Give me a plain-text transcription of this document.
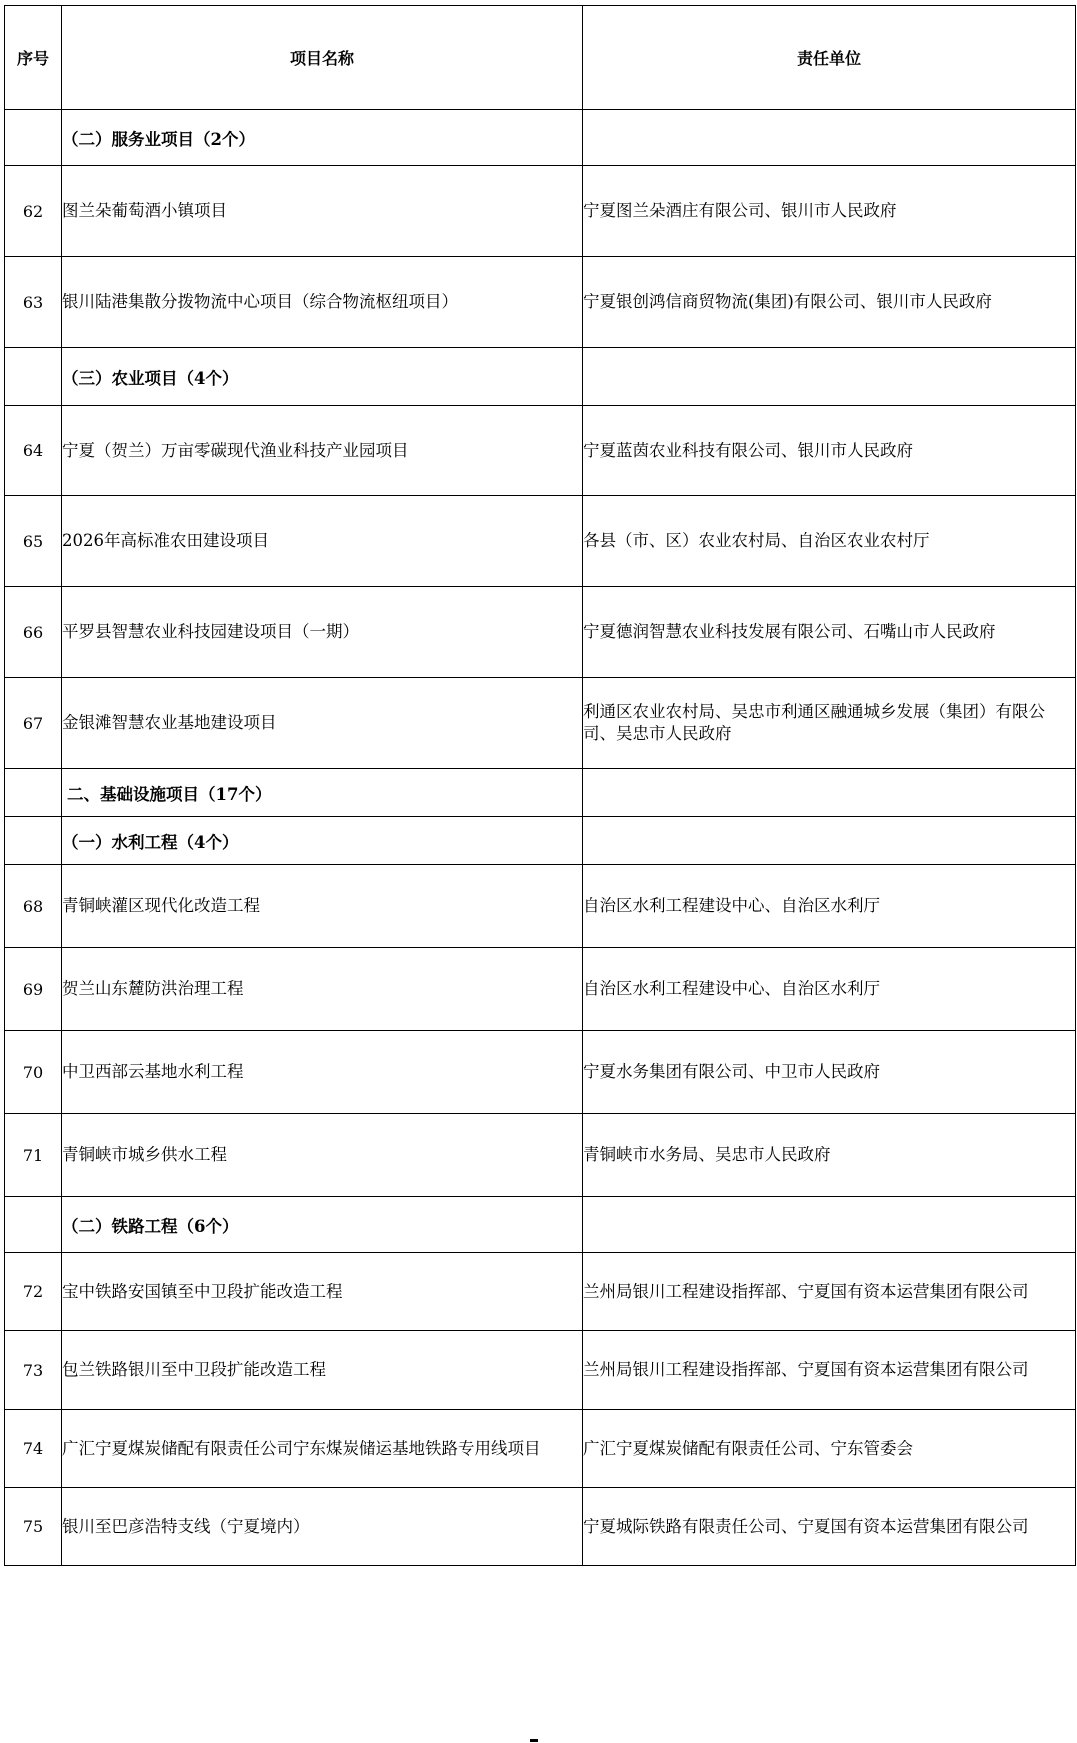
序号	项目名称	责任单位
	（二）服务业项目（2个）	
62	图兰朵葡萄酒小镇项目	宁夏图兰朵酒庄有限公司、银川市人民政府
63	银川陆港集散分拨物流中心项目（综合物流枢纽项目）	宁夏银创鸿信商贸物流(集团)有限公司、银川市人民政府
	（三）农业项目（4个）	
64	宁夏（贺兰）万亩零碳现代渔业科技产业园项目	宁夏蓝茵农业科技有限公司、银川市人民政府
65	2026年高标准农田建设项目	各县（市、区）农业农村局、自治区农业农村厅
66	平罗县智慧农业科技园建设项目（一期）	宁夏德润智慧农业科技发展有限公司、石嘴山市人民政府
67	金银滩智慧农业基地建设项目	利通区农业农村局、吴忠市利通区融通城乡发展（集团）有限公司、吴忠市人民政府
	二、基础设施项目（17个）	
	（一）水利工程（4个）	
68	青铜峡灌区现代化改造工程	自治区水利工程建设中心、自治区水利厅
69	贺兰山东麓防洪治理工程	自治区水利工程建设中心、自治区水利厅
70	中卫西部云基地水利工程	宁夏水务集团有限公司、中卫市人民政府
71	青铜峡市城乡供水工程	青铜峡市水务局、吴忠市人民政府
	（二）铁路工程（6个）	
72	宝中铁路安国镇至中卫段扩能改造工程	兰州局银川工程建设指挥部、宁夏国有资本运营集团有限公司
73	包兰铁路银川至中卫段扩能改造工程	兰州局银川工程建设指挥部、宁夏国有资本运营集团有限公司
74	广汇宁夏煤炭储配有限责任公司宁东煤炭储运基地铁路专用线项目	广汇宁夏煤炭储配有限责任公司、宁东管委会
75	银川至巴彦浩特支线（宁夏境内）	宁夏城际铁路有限责任公司、宁夏国有资本运营集团有限公司
